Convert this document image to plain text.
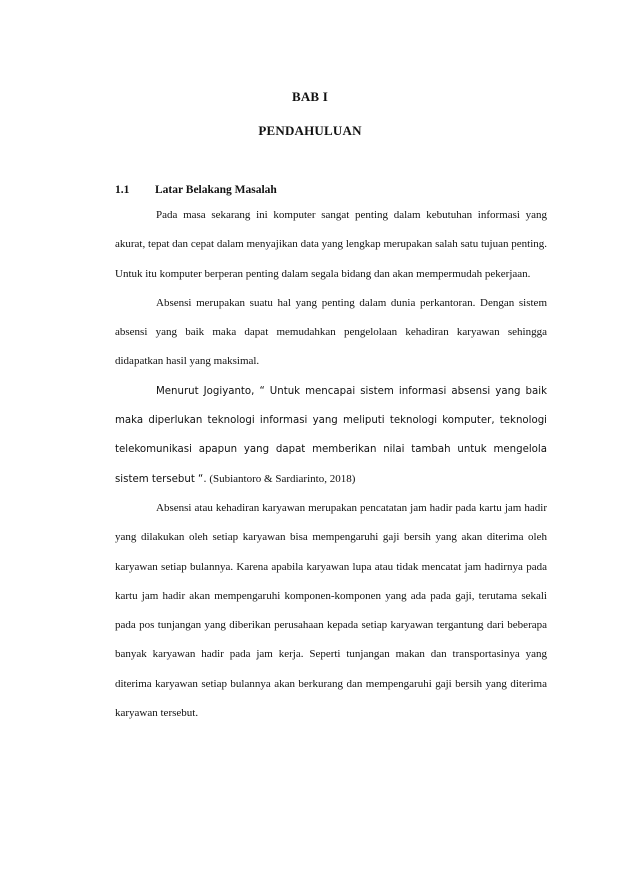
BAB I
PENDAHULUAN
1.1 Latar Belakang Masalah

Pada masa sekarang ini komputer sangat penting dalam kebutuhan informasi yang akurat, tepat dan cepat dalam menyajikan data yang lengkap merupakan salah satu tujuan penting. Untuk itu komputer berperan penting dalam segala bidang dan akan mempermudah pekerjaan.

Absensi merupakan suatu hal yang penting dalam dunia perkantoran. Dengan sistem absensi yang baik maka dapat memudahkan pengelolaan kehadiran karyawan sehingga didapatkan hasil yang maksimal.

Menurut Jogiyanto, “ Untuk mencapai sistem informasi absensi yang baik maka diperlukan teknologi informasi yang meliputi teknologi komputer, teknologi telekomunikasi apapun yang dapat memberikan nilai tambah untuk mengelola sistem tersebut “. (Subiantoro & Sardiarinto, 2018)

Absensi atau kehadiran karyawan merupakan pencatatan jam hadir pada kartu jam hadir yang dilakukan oleh setiap karyawan bisa mempengaruhi gaji bersih yang akan diterima oleh karyawan setiap bulannya. Karena apabila karyawan lupa atau tidak mencatat jam hadirnya pada kartu jam hadir akan mempengaruhi komponen-komponen yang ada pada gaji, terutama sekali pada pos tunjangan yang diberikan perusahaan kepada setiap karyawan tergantung dari beberapa banyak karyawan hadir pada jam kerja. Seperti tunjangan makan dan transportasinya yang diterima karyawan setiap bulannya akan berkurang dan mempengaruhi gaji bersih yang diterima karyawan tersebut.
